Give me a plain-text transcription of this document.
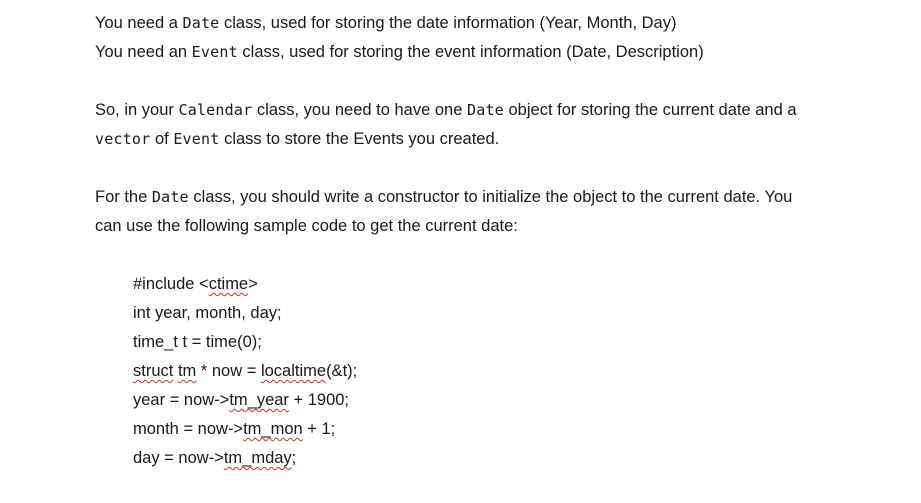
You need a Date class, used for storing the date information (Year, Month, Day)
You need an Event class, used for storing the event information (Date, Description)
So, in your Calendar class, you need to have one Date object for storing the current date and a
vector of Event class to store the Events you created.
For the Date class, you should write a constructor to initialize the object to the current date. You
can use the following sample code to get the current date:
#include <ctime>
int year, month, day;
time_t t = time(0);
struct tm * now = localtime(&t);
year = now->tm_year + 1900;
month = now->tm_mon + 1;
day = now->tm_mday;
